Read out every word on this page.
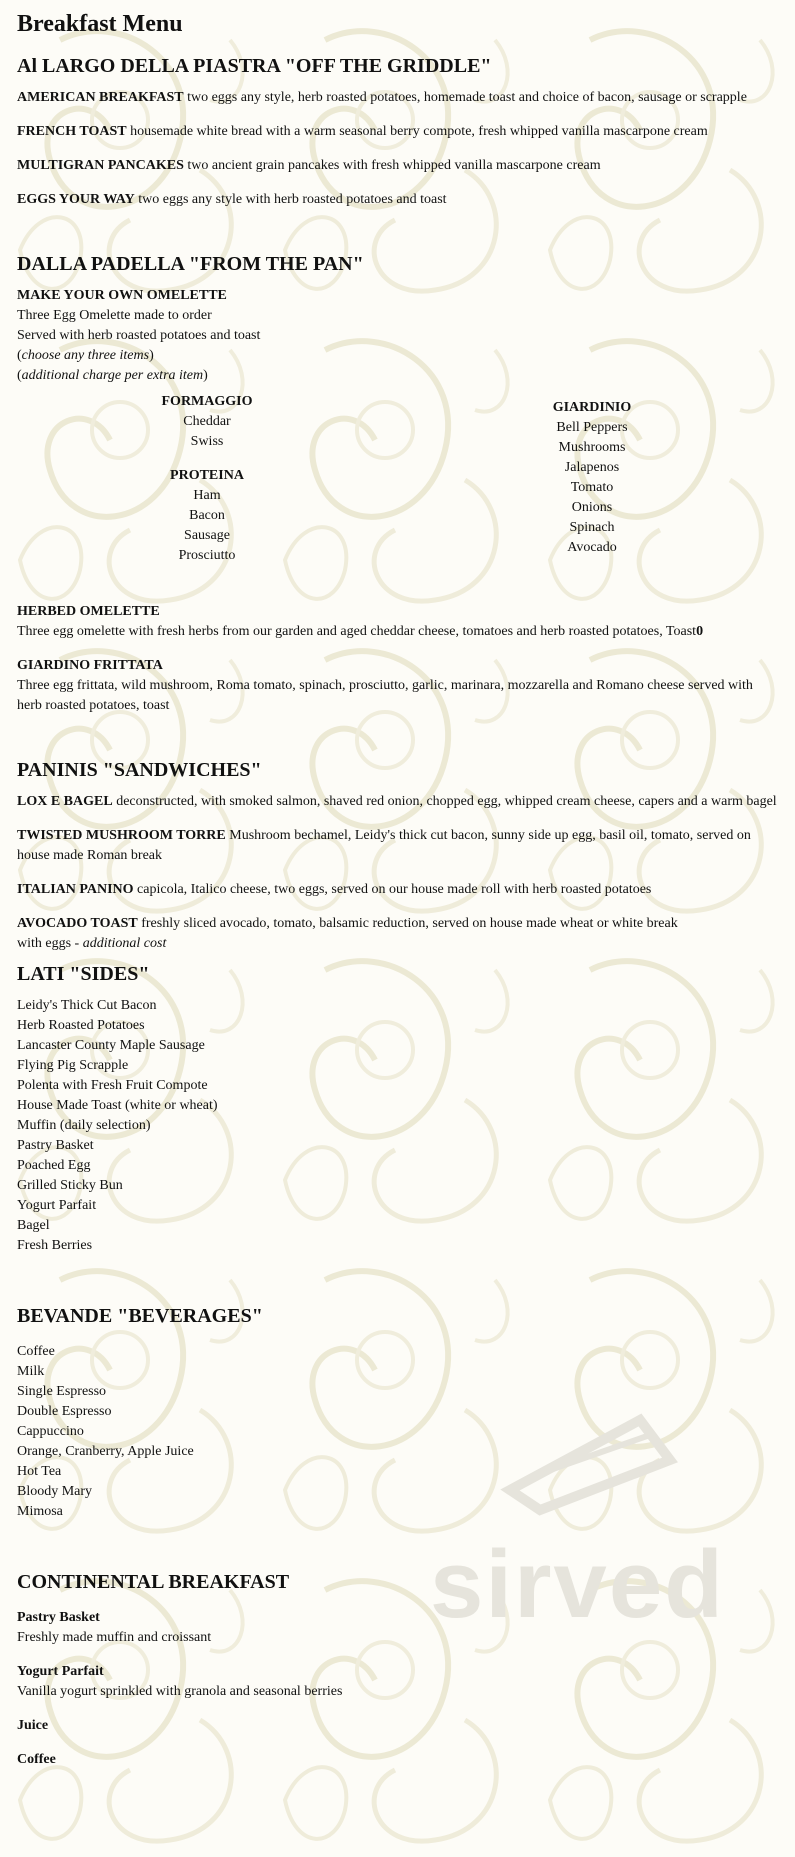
sirved
Breakfast Menu
Al LARGO DELLA PIASTRA "OFF THE GRIDDLE"

AMERICAN BREAKFAST two eggs any style, herb roasted potatoes, homemade toast and choice of bacon, sausage or scrapple

FRENCH TOAST housemade white bread with a warm seasonal berry compote, fresh whipped vanilla mascarpone cream

MULTIGRAN PANCAKES two ancient grain pancakes with fresh whipped vanilla mascarpone cream

EGGS YOUR WAY two eggs any style with herb roasted potatoes and toast

DALLA PADELLA "FROM THE PAN"
MAKE YOUR OWN OMELETTE
Three Egg Omelette made to order
Served with herb roasted potatoes and toast
(choose any three items)
(additional charge per extra item)
FORMAGGIO
Cheddar
Swiss
PROTEINA
Ham
Bacon
Sausage
Prosciutto
GIARDINIO
Bell Peppers
Mushrooms
Jalapenos
Tomato
Onions
Spinach
Avocado

HERBED OMELETTE
Three egg omelette with fresh herbs from our garden and aged cheddar cheese, tomatoes and herb roasted potatoes, Toast0

GIARDINO FRITTATA
Three egg frittata, wild mushroom, Roma tomato, spinach, prosciutto, garlic, marinara, mozzarella and Romano cheese served with herb roasted potatoes, toast

PANINIS "SANDWICHES"

LOX E BAGEL deconstructed, with smoked salmon, shaved red onion, chopped egg, whipped cream cheese, capers and a warm bagel

TWISTED MUSHROOM TORRE Mushroom bechamel, Leidy's thick cut bacon, sunny side up egg, basil oil, tomato, served on house made Roman break

ITALIAN PANINO capicola, Italico cheese, two eggs, served on our house made roll with herb roasted potatoes

AVOCADO TOAST freshly sliced avocado, tomato, balsamic reduction, served on house made wheat or white break
with eggs - additional cost

LATI "SIDES"
Leidy's Thick Cut Bacon
Herb Roasted Potatoes
Lancaster County Maple Sausage
Flying Pig Scrapple
Polenta with Fresh Fruit Compote
House Made Toast (white or wheat)
Muffin (daily selection)
Pastry Basket
Poached Egg
Grilled Sticky Bun
Yogurt Parfait
Bagel
Fresh Berries
BEVANDE "BEVERAGES"
Coffee
Milk
Single Espresso
Double Espresso
Cappuccino
Orange, Cranberry, Apple Juice
Hot Tea
Bloody Mary
Mimosa
CONTINENTAL BREAKFAST

Pastry Basket
Freshly made muffin and croissant

Yogurt Parfait
Vanilla yogurt sprinkled with granola and seasonal berries

Juice

Coffee
